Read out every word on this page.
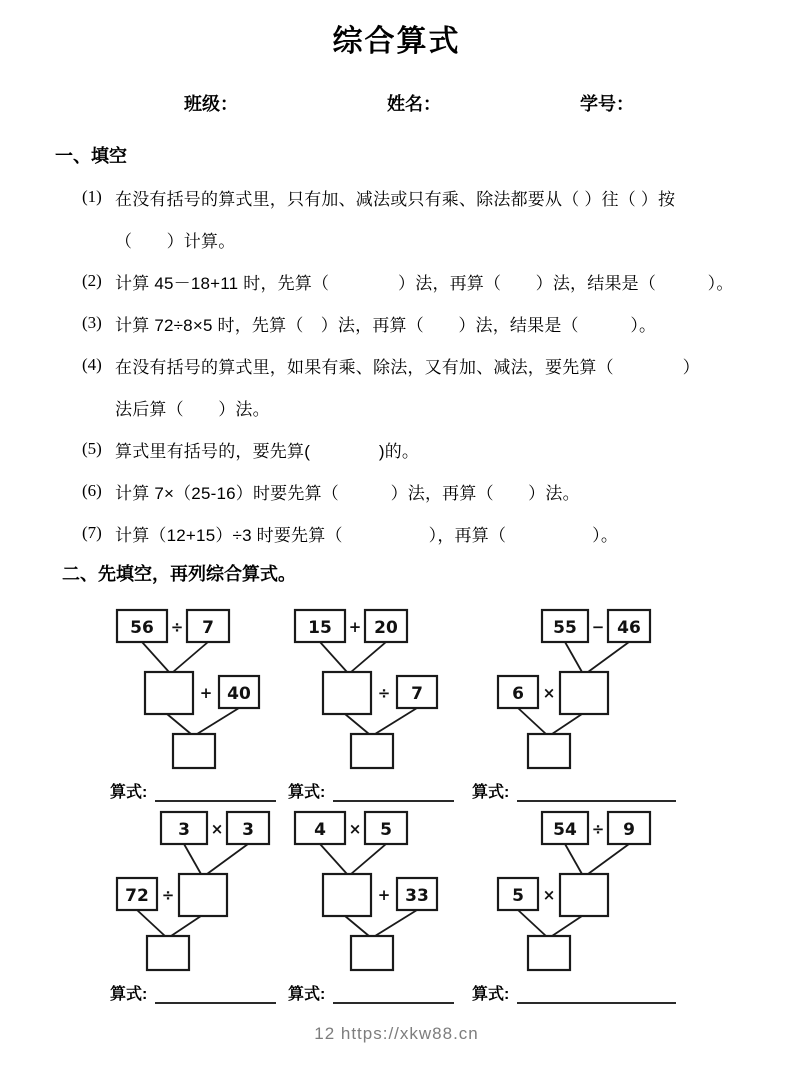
综合算式
班级：	姓名：	学号：
一、填空
(1) 在没有括号的算式里，只有加、减法或只有乘、除法都要从（ ）往（ ）按
（　　）计算。
(2) 计算 45－18+11 时，先算（　　　　）法，再算（　　）法，结果是（　　　）。
(3) 计算 72÷8×5 时，先算（　）法，再算（　　）法，结果是（　　　）。
(4) 在没有括号的算式里，如果有乘、除法，又有加、减法，要先算（　　　　）
法后算（　　）法。
(5) 算式里有括号的，要先算(　　　　)的。
(6) 计算 7×（25-16）时要先算（　　　）法，再算（　　）法。
(7) 计算（12+15）÷3 时要先算（　　　　　），再算（　　　　　）。
二、先填空，再列综合算式。
56 ÷ 7
+ 40
算式:
15 + 20
÷ 7
算式:
55 − 46
6 ×
算式:
3 × 3
72 ÷
算式:
4 × 5
+ 33
算式:
54 ÷ 9
5 ×
算式:
12 https://xkw88.cn
